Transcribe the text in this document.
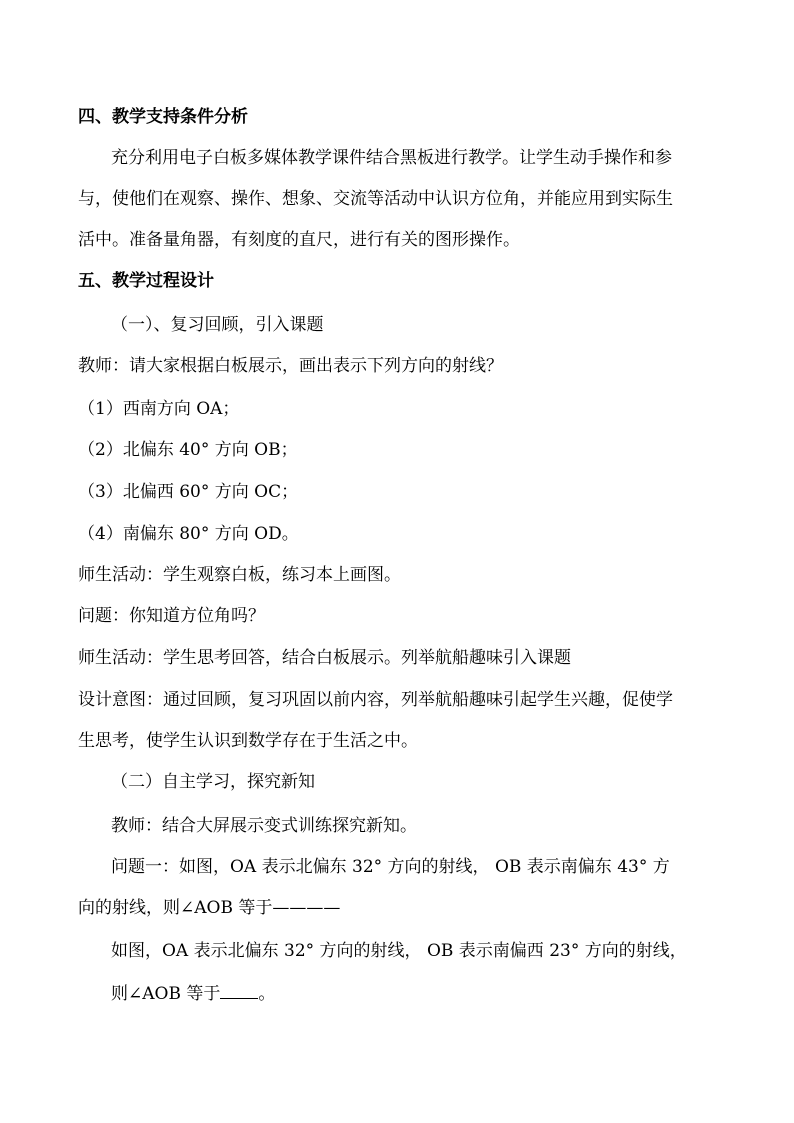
四、教学支持条件分析
充分利用电子白板多媒体教学课件结合黑板进行教学。让学生动手操作和参
与，使他们在观察、操作、想象、交流等活动中认识方位角，并能应用到实际生
活中。准备量角器，有刻度的直尺，进行有关的图形操作。
五、教学过程设计
（一）、复习回顾，引入课题
教师：请大家根据白板展示，画出表示下列方向的射线？
（1）西南方向 OA；
（2）北偏东 40° 方向 OB；
（3）北偏西 60° 方向 OC；
（4）南偏东 80° 方向 OD。
师生活动：学生观察白板，练习本上画图。
问题：你知道方位角吗？
师生活动：学生思考回答，结合白板展示。列举航船趣味引入课题
设计意图：通过回顾，复习巩固以前内容，列举航船趣味引起学生兴趣，促使学
生思考，使学生认识到数学存在于生活之中。
（二）自主学习，探究新知
教师：结合大屏展示变式训练探究新知。
问题一：如图，OA 表示北偏东 32° 方向的射线， OB 表示南偏东 43° 方
向的射线，则∠AOB 等于————
如图，OA 表示北偏东 32° 方向的射线， OB 表示南偏西 23° 方向的射线，
则∠AOB 等于 。
